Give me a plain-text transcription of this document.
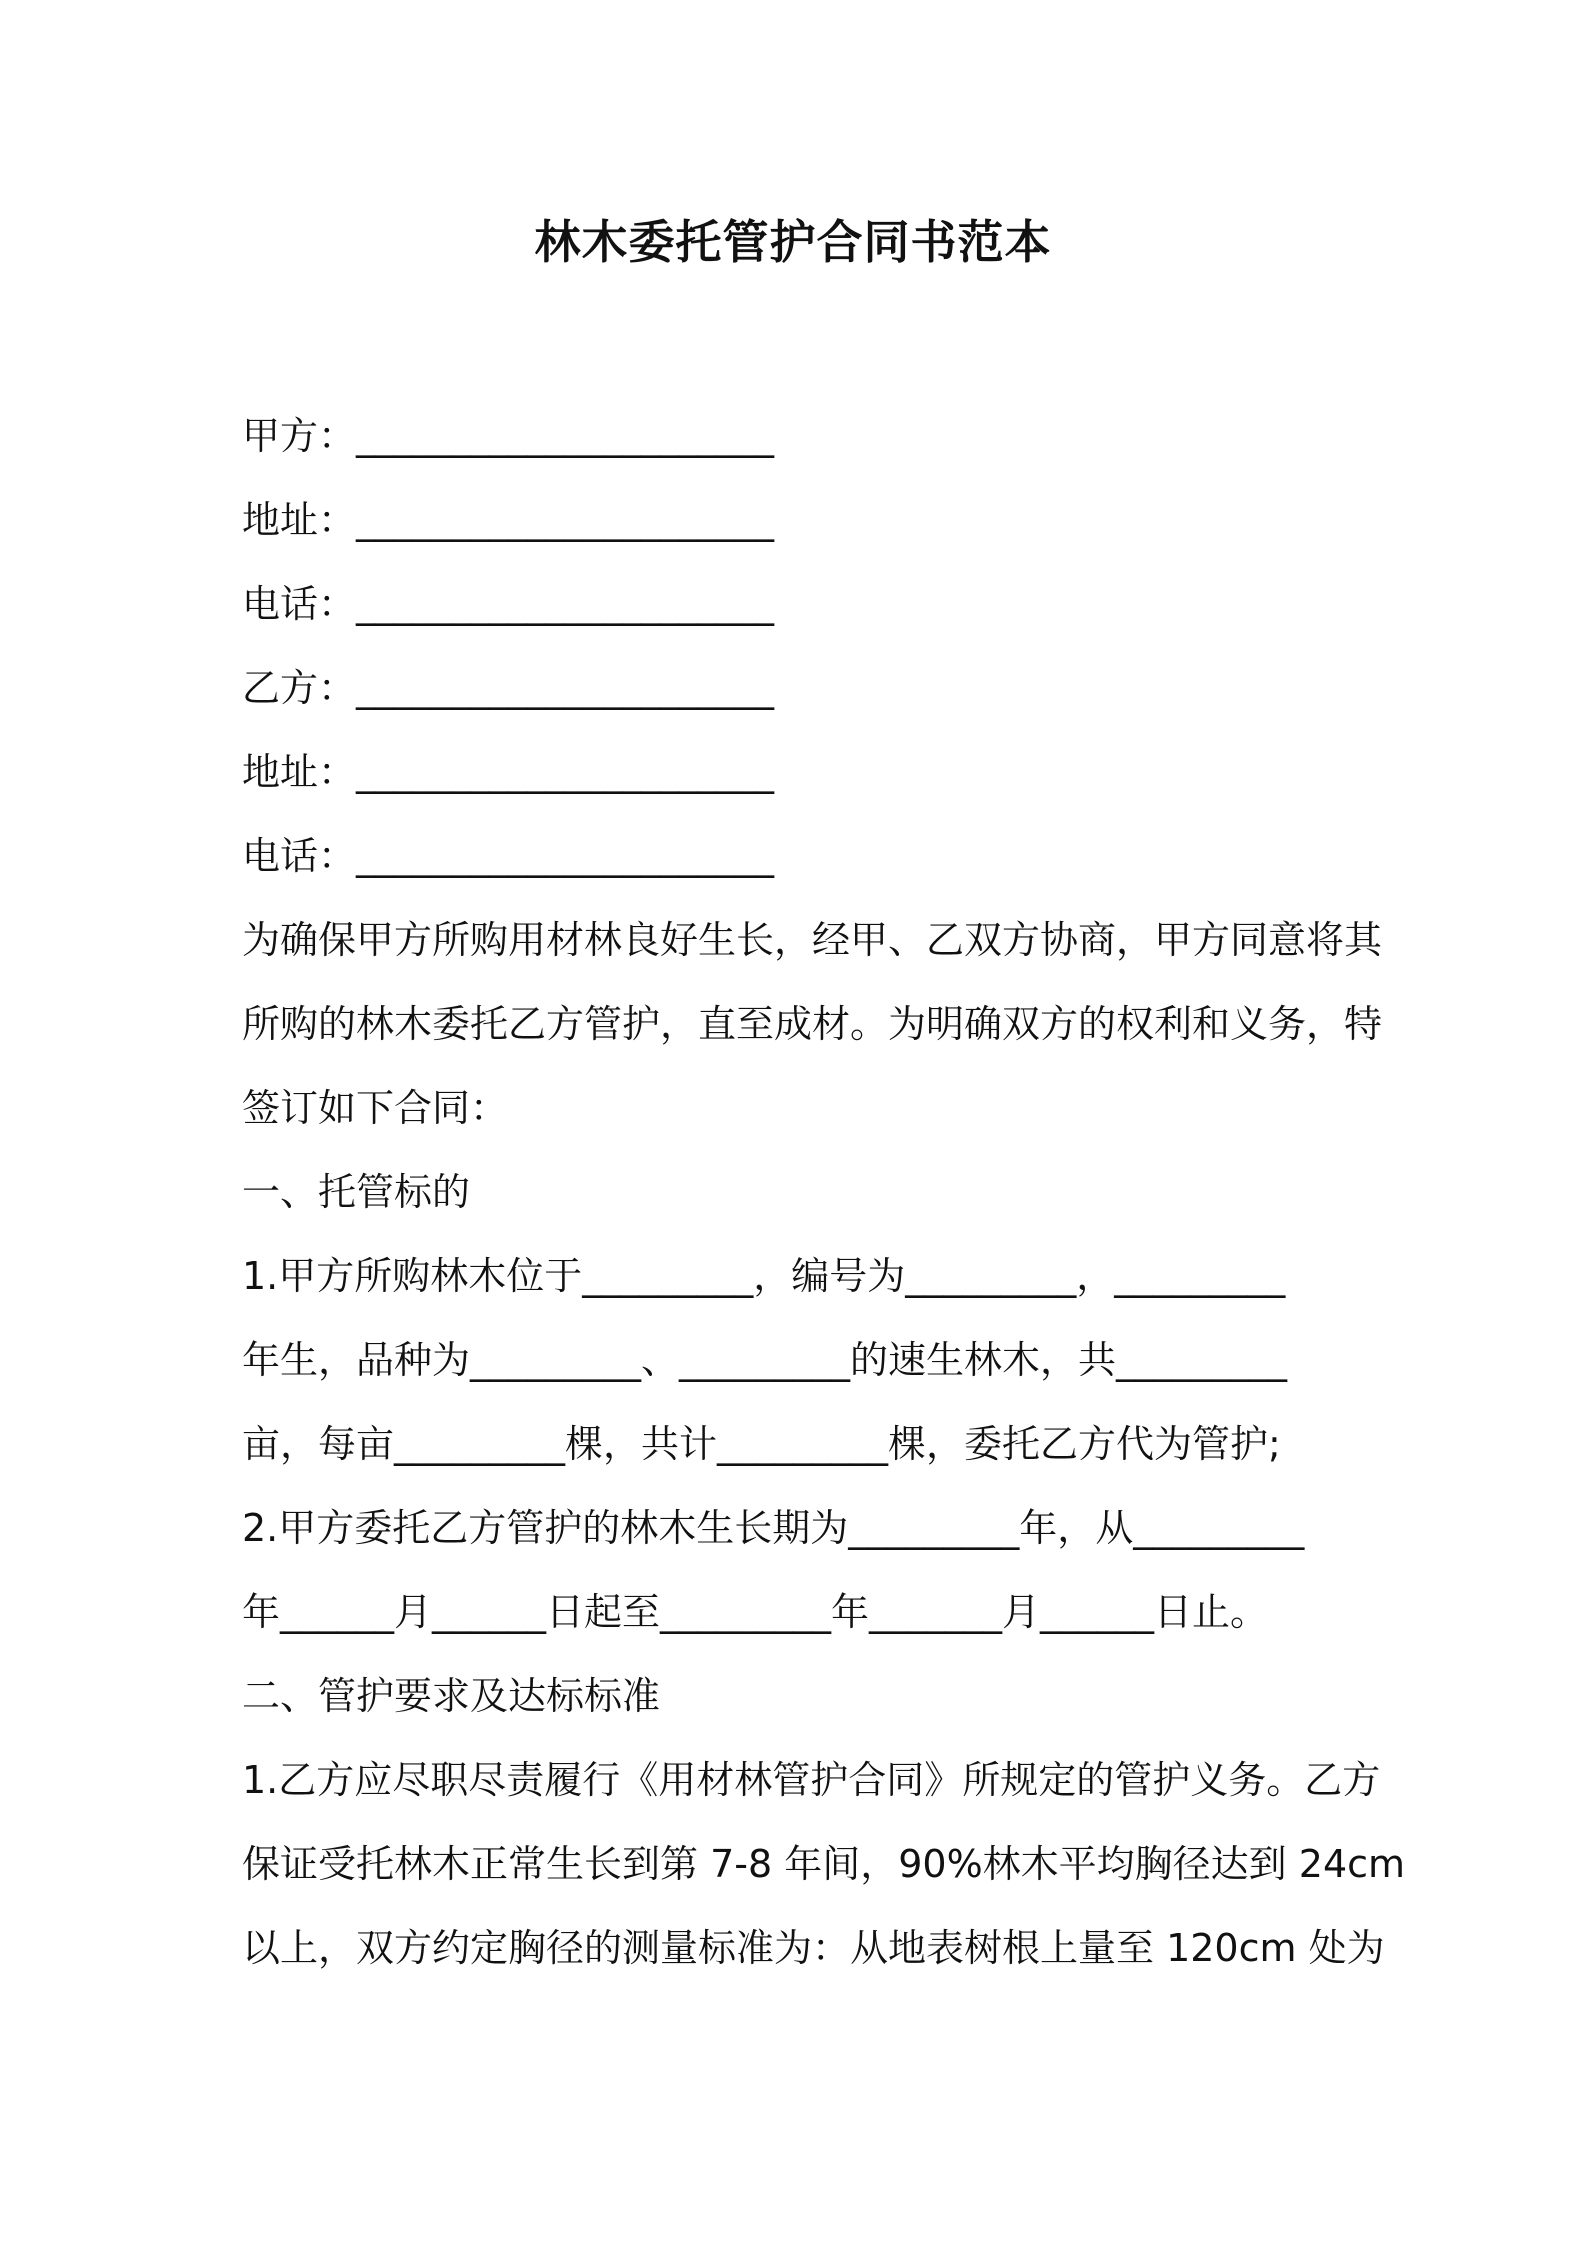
林木委托管护合同书范本
甲方：______________________
地址：______________________
电话：______________________
乙方：______________________
地址：______________________
电话：______________________
为确保甲方所购用材林良好生长，经甲、乙双方协商，甲方同意将其
所购的林木委托乙方管护，直至成材。为明确双方的权利和义务，特
签订如下合同：
一、托管标的
1.甲方所购林木位于_________，编号为_________，_________
年生，品种为_________、_________的速生林木，共_________
亩，每亩_________棵，共计_________棵，委托乙方代为管护;
2.甲方委托乙方管护的林木生长期为_________年，从_________
年______月______日起至_________年_______月______日止。
二、管护要求及达标标准
1.乙方应尽职尽责履行《用材林管护合同》所规定的管护义务。乙方
保证受托林木正常生长到第 7-8 年间，90%林木平均胸径达到 24cm
以上，双方约定胸径的测量标准为：从地表树根上量至 120cm 处为
